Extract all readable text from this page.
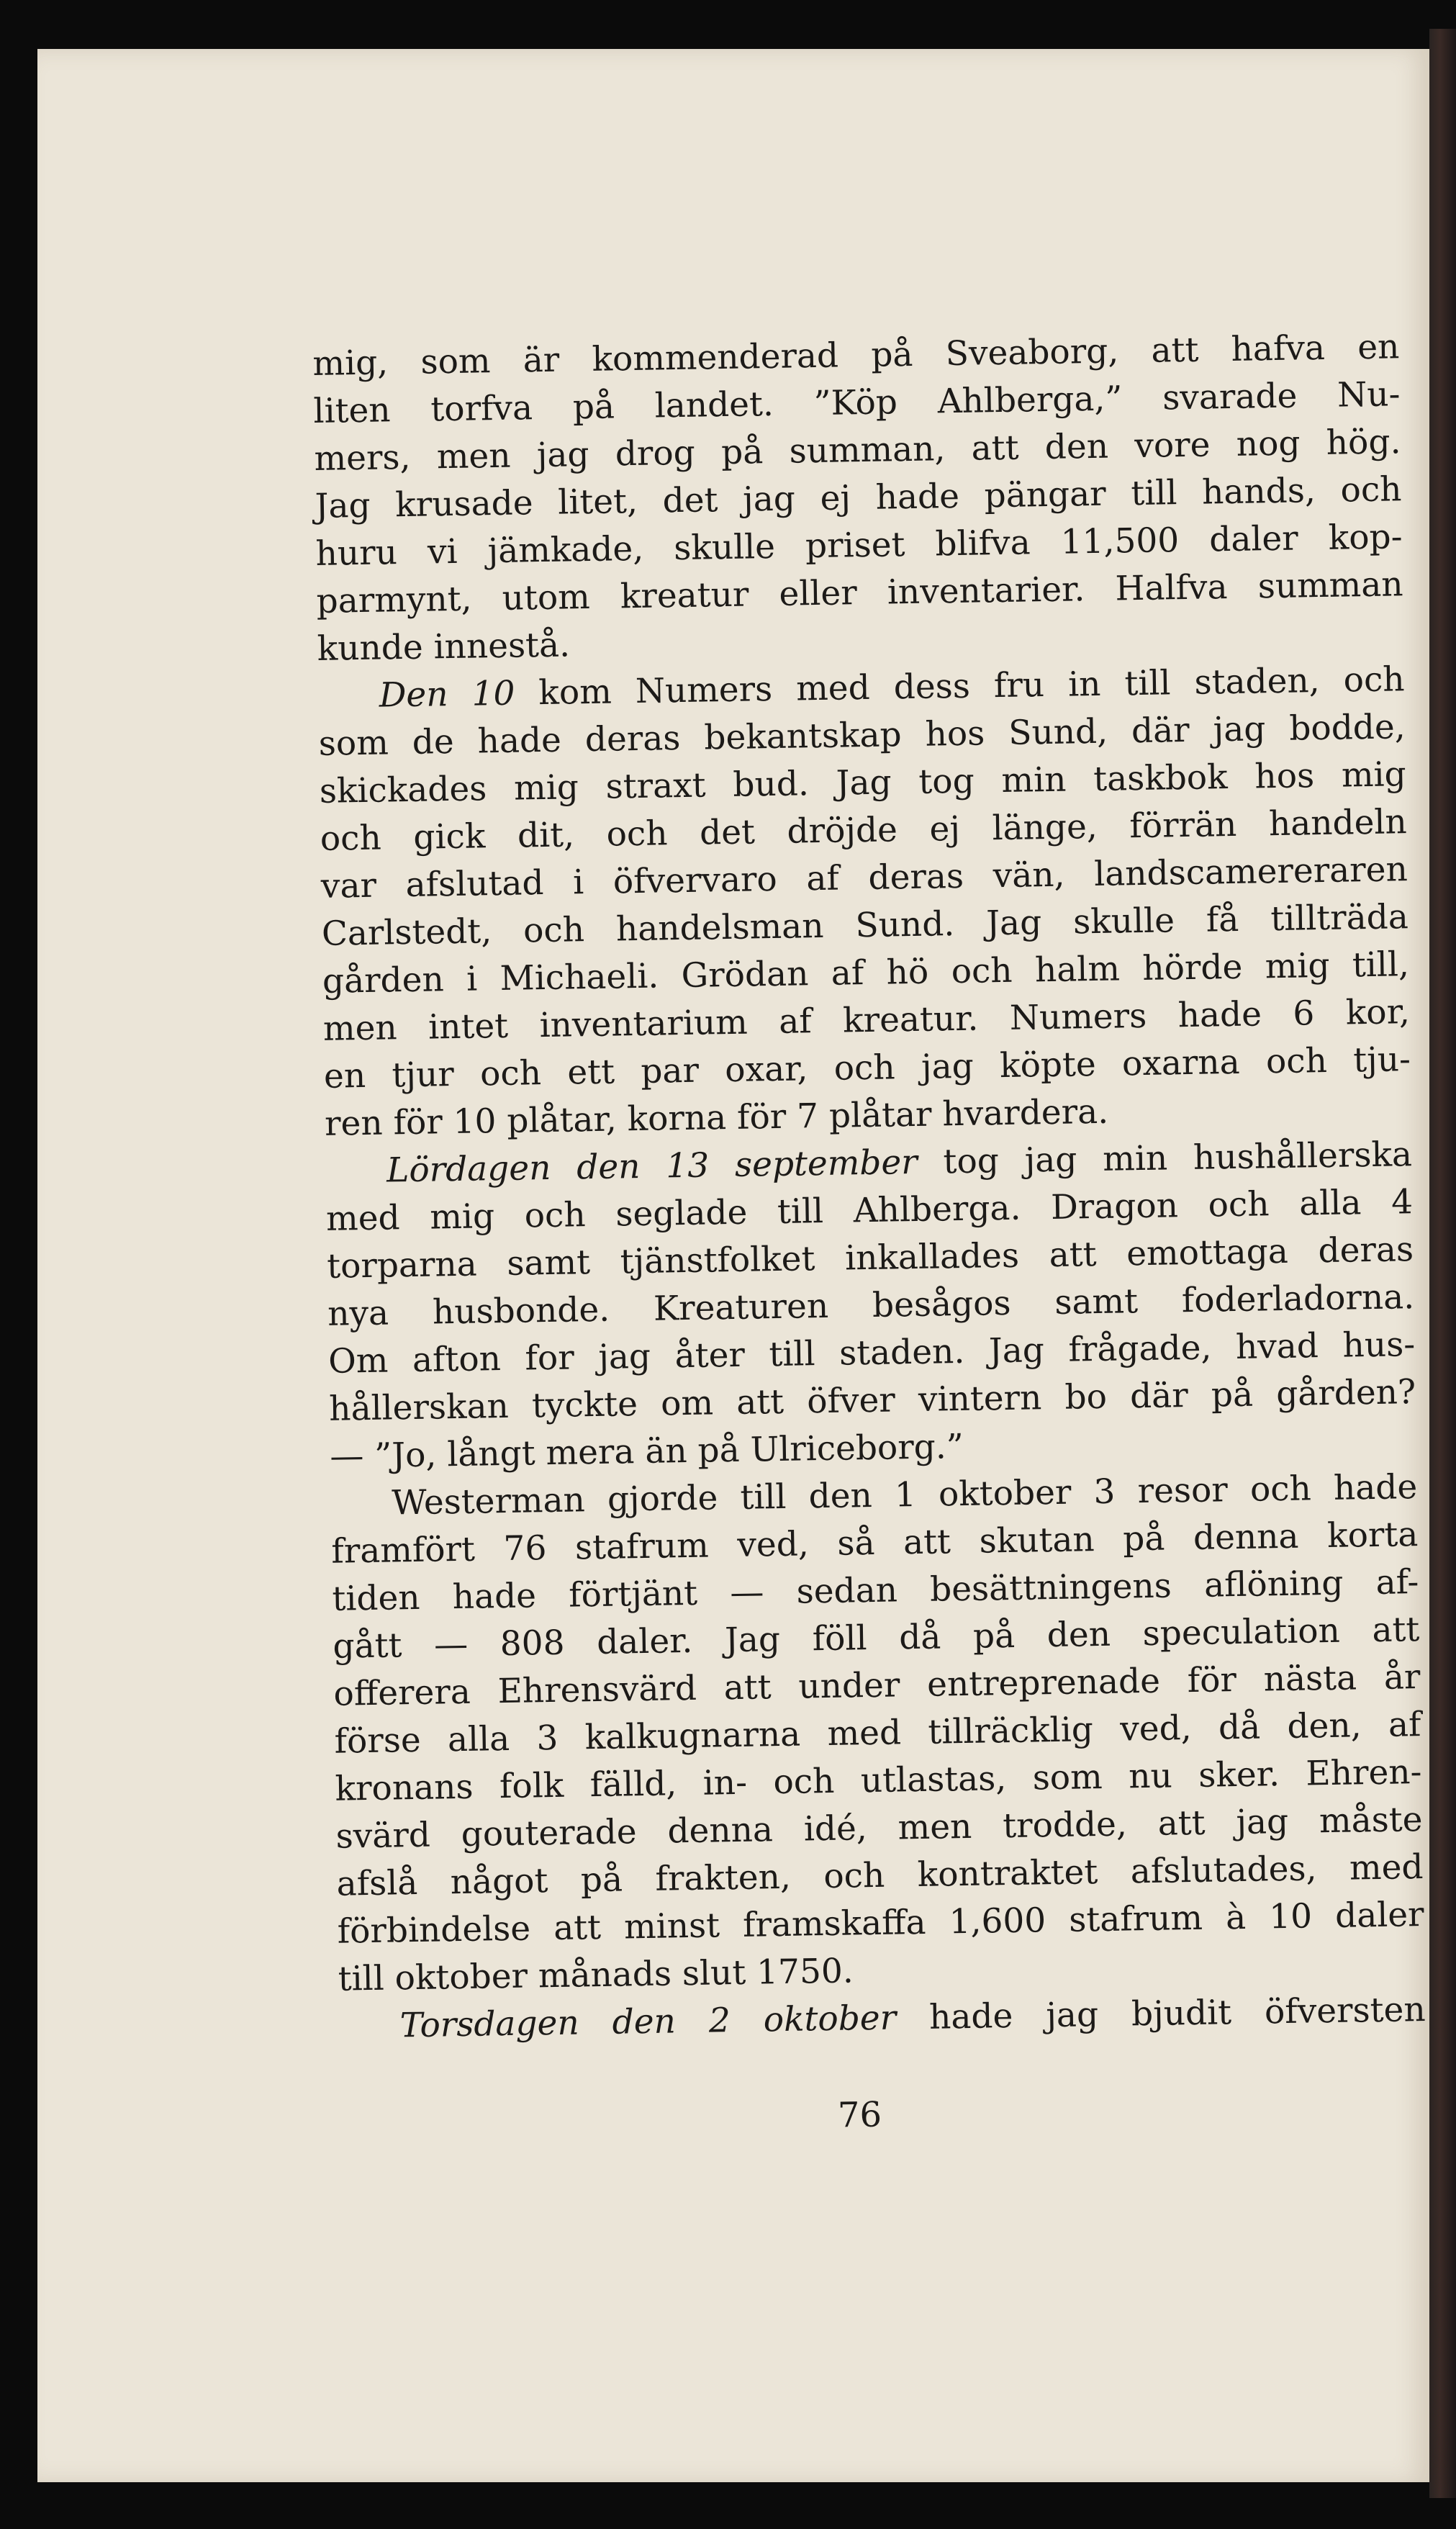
mig, som är kommenderad på Sveaborg, att hafva en
liten torfva på landet. ”Köp Ahlberga,” svarade Nu-
mers, men jag drog på summan, att den vore nog hög.
Jag krusade litet, det jag ej hade pängar till hands, och
huru vi jämkade, skulle priset blifva 11,500 daler kop-
parmynt, utom kreatur eller inventarier. Halfva summan
kunde innestå.
Den 10 kom Numers med dess fru in till staden, och
som de hade deras bekantskap hos Sund, där jag bodde,
skickades mig straxt bud. Jag tog min taskbok hos mig
och gick dit, och det dröjde ej länge, förrän handeln
var afslutad i öfvervaro af deras vän, landscamereraren
Carlstedt, och handelsman Sund. Jag skulle få tillträda
gården i Michaeli. Grödan af hö och halm hörde mig till,
men intet inventarium af kreatur. Numers hade 6 kor,
en tjur och ett par oxar, och jag köpte oxarna och tju-
ren för 10 plåtar, korna för 7 plåtar hvardera.
Lördagen den 13 september tog jag min hushållerska
med mig och seglade till Ahlberga. Dragon och alla 4
torparna samt tjänstfolket inkallades att emottaga deras
nya husbonde. Kreaturen besågos samt foderladorna.
Om afton for jag åter till staden. Jag frågade, hvad hus-
hållerskan tyckte om att öfver vintern bo där på gården?
— ”Jo, långt mera än på Ulriceborg.”
Westerman gjorde till den 1 oktober 3 resor och hade
framfört 76 stafrum ved, så att skutan på denna korta
tiden hade förtjänt — sedan besättningens aflöning af-
gått — 808 daler. Jag föll då på den speculation att
offerera Ehrensvärd att under entreprenade för nästa år
förse alla 3 kalkugnarna med tillräcklig ved, då den, af
kronans folk fälld, in- och utlastas, som nu sker. Ehren-
svärd gouterade denna idé, men trodde, att jag måste
afslå något på frakten, och kontraktet afslutades, med
förbindelse att minst framskaffa 1,600 stafrum à 10 daler
till oktober månads slut 1750.
Torsdagen den 2 oktober hade jag bjudit öfversten
76
